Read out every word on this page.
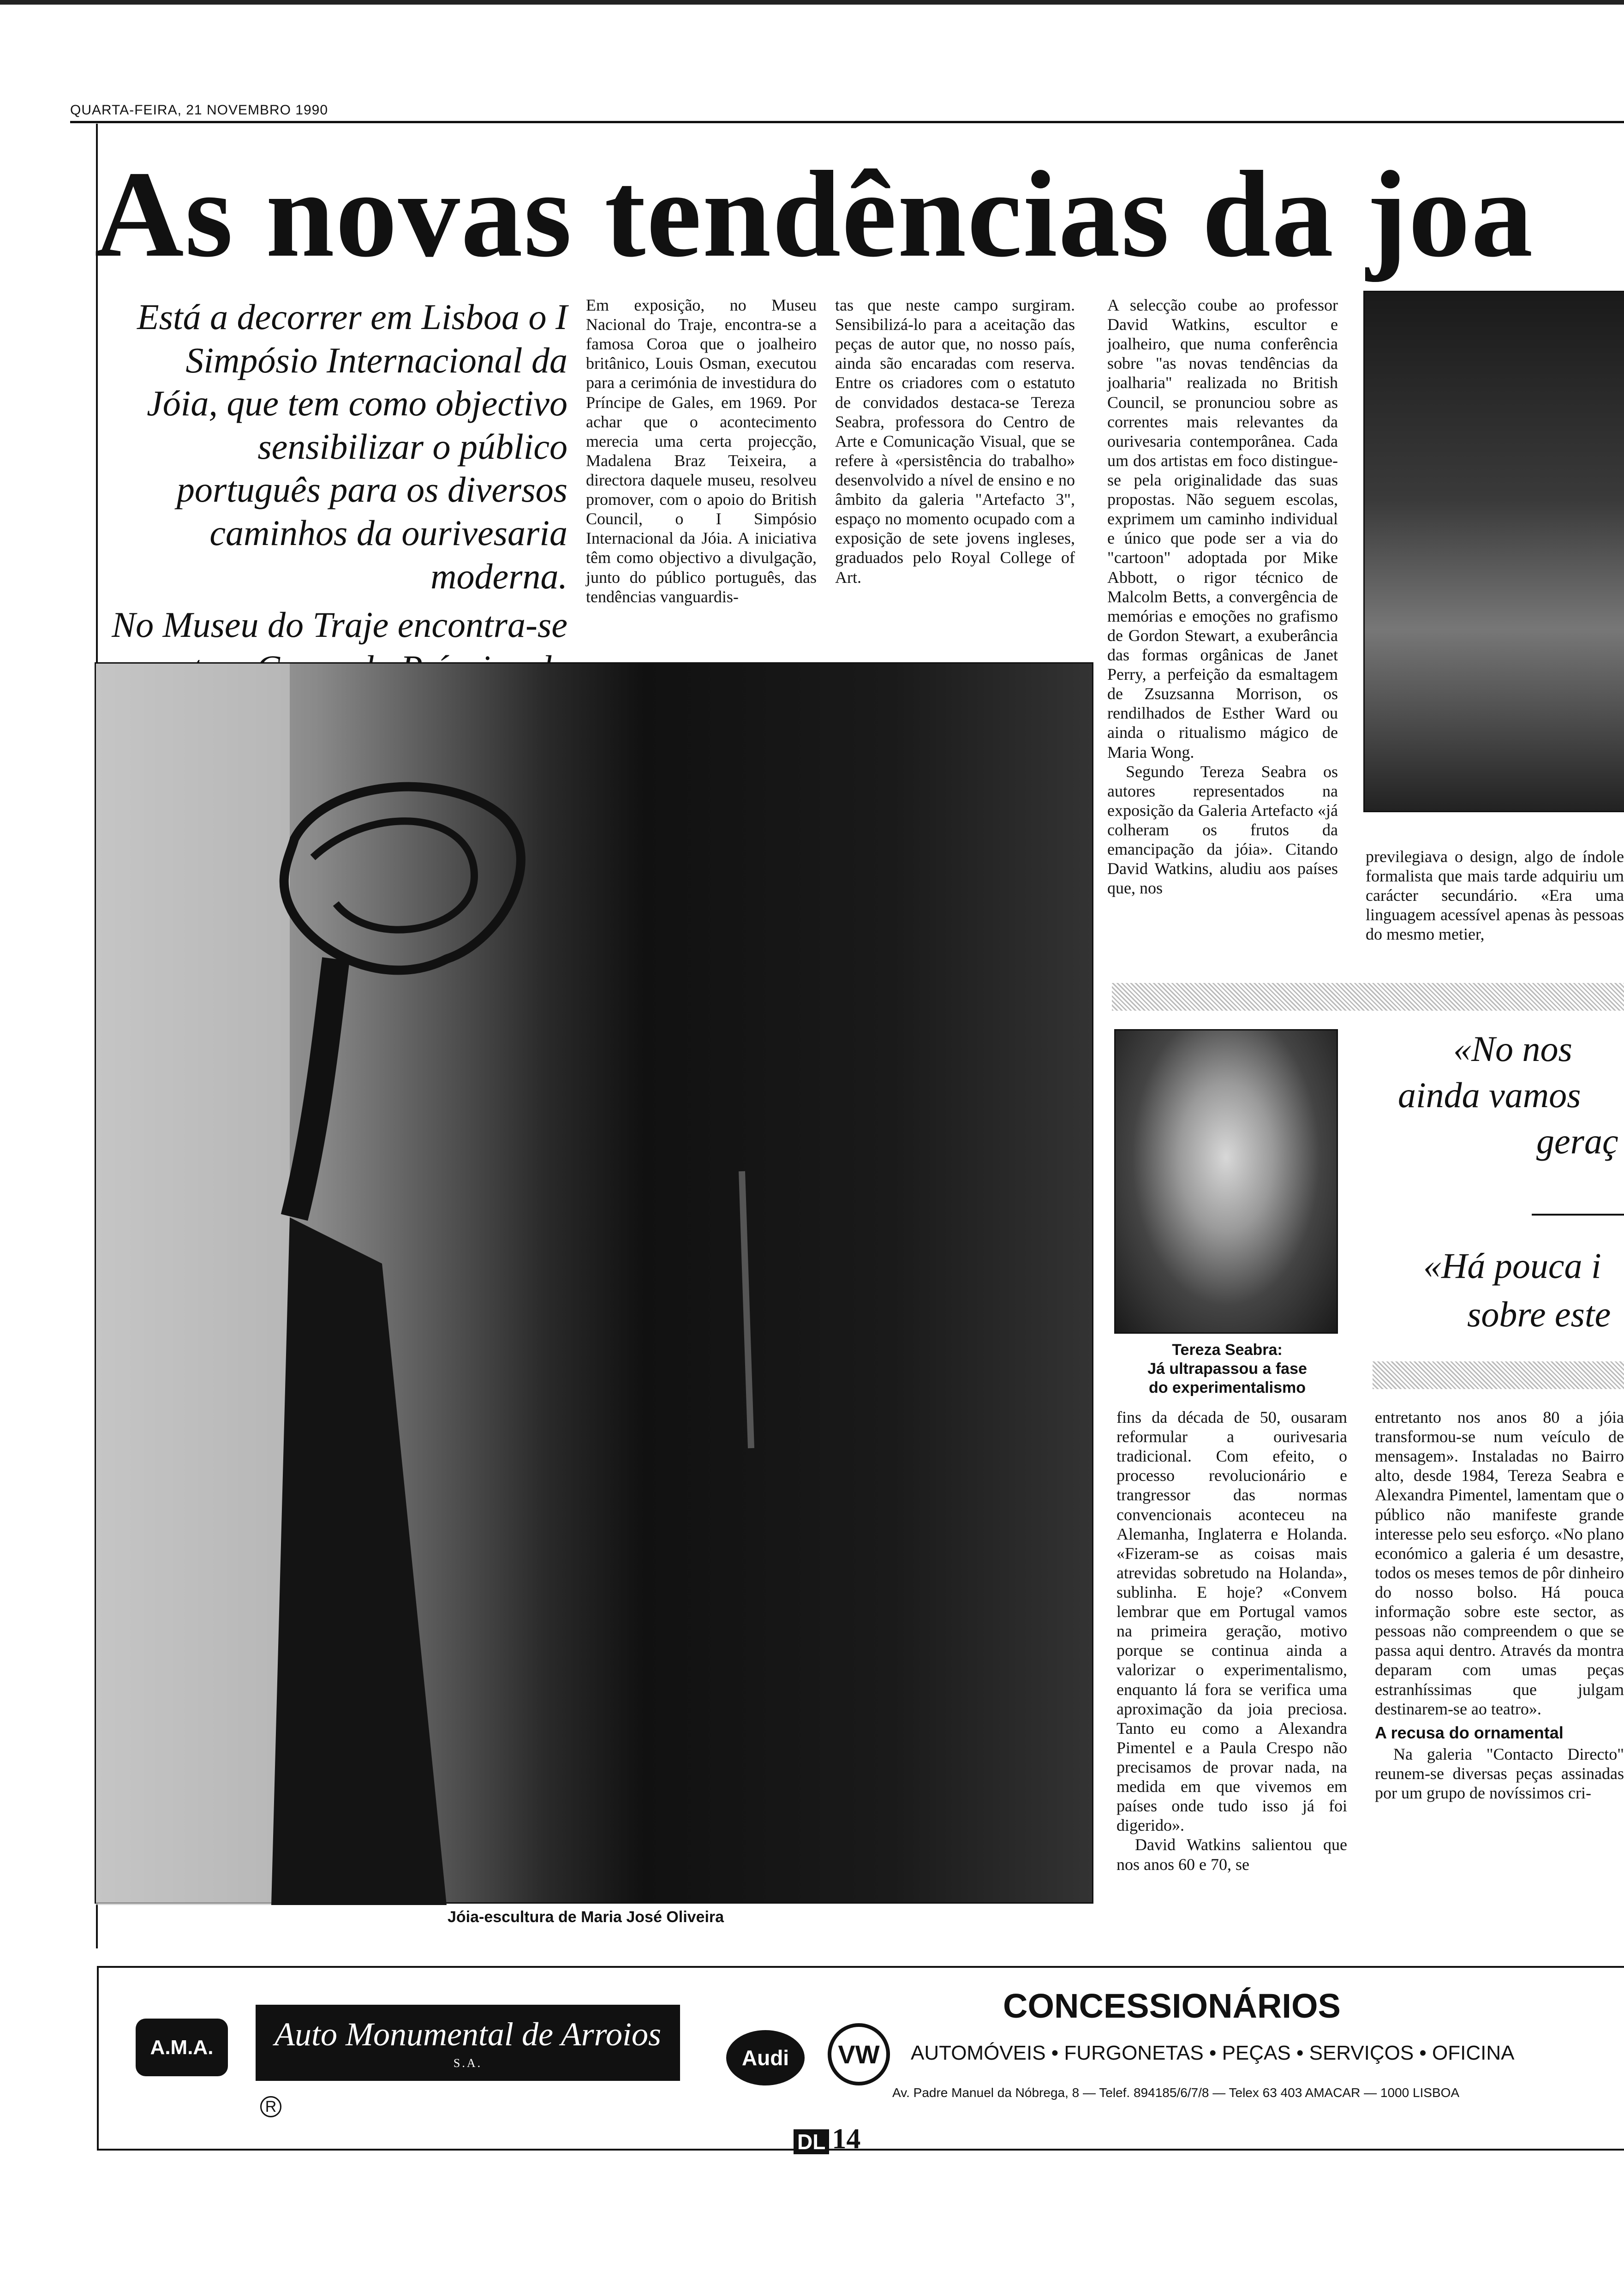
QUARTA-FEIRA, 21 NOVEMBRO 1990
As novas tendências da joa

Está a decorrer em Lisboa o I Simpósio Internacional da Jóia, que tem como objectivo sensibilizar o público português para os diversos caminhos da ourivesaria moderna.

No Museu do Traje encontra-se

Em exposição, no Museu Nacional do Traje, encontra-se a famosa Coroa que o joalheiro britânico, Louis Osman, executou para a cerimónia de investidura do Príncipe de Gales, em 1969. Por achar que o acontecimento merecia uma certa projecção, Madalena Braz Teixeira, a directora daquele museu, resolveu promover, com o apoio do British Council, o I Simpósio Internacional da Jóia. A iniciativa têm como objectivo a divulgação, junto do público português, das tendências vanguardis-

tas que neste campo surgiram. Sensibilizá-lo para a aceitação das peças de autor que, no nosso país, ainda são encaradas com reserva. Entre os criadores com o estatuto de convidados destaca-se Tereza Seabra, professora do Centro de Arte e Comunicação Visual, que se refere à «persistência do trabalho» desenvolvido a nível de ensino e no âmbito da galeria "Artefacto 3", espaço no momento ocupado com a exposição de sete jovens ingleses, graduados pelo Royal College of Art.

A selecção coube ao professor David Watkins, escultor e joalheiro, que numa conferência sobre "as novas tendências da joalharia" realizada no British Council, se pronunciou sobre as correntes mais relevantes da ourivesaria contemporânea. Cada um dos artistas em foco distingue-se pela originalidade das suas propostas. Não seguem escolas, exprimem um caminho individual e único que pode ser a via do "cartoon" adoptada por Mike Abbott, o rigor técnico de Malcolm Betts, a convergência de memórias e emoções no grafismo de Gordon Stewart, a exuberância das formas orgânicas de Janet Perry, a perfeição da esmaltagem de Zsuzsanna Morrison, os rendilhados de Esther Ward ou ainda o ritualismo mágico de Maria Wong.

Segundo Tereza Seabra os autores representados na exposição da Galeria Artefacto «já colheram os frutos da emancipação da jóia». Citando David Watkins, aludiu aos países que, nos

previlegiava o design, algo de índole formalista que mais tarde adquiriu um carácter secundário. «Era uma linguagem acessível apenas às pessoas do mesmo metier,

Jóia-escultura de Maria José Oliveira
Tereza Seabra:
Já ultrapassou a fase
do experimentalismo
«No nos
ainda vamos
geraç
«Há pouca i
sobre este

fins da década de 50, ousaram reformular a ourivesaria tradicional. Com efeito, o processo revolucionário e trangressor das normas convencionais aconteceu na Alemanha, Inglaterra e Holanda. «Fizeram-se as coisas mais atrevidas sobretudo na Holanda», sublinha. E hoje? «Convem lembrar que em Portugal vamos na primeira geração, motivo porque se continua ainda a valorizar o experimentalismo, enquanto lá fora se verifica uma aproximação da joia preciosa. Tanto eu como a Alexandra Pimentel e a Paula Crespo não precisamos de provar nada, na medida em que vivemos em países onde tudo isso já foi digerido».

David Watkins salientou que nos anos 60 e 70, se

entretanto nos anos 80 a jóia transformou-se num veículo de mensagem». Instaladas no Bairro alto, desde 1984, Tereza Seabra e Alexandra Pimentel, lamentam que o público não manifeste grande interesse pelo seu esforço. «No plano económico a galeria é um desastre, todos os meses temos de pôr dinheiro do nosso bolso. Há pouca informação sobre este sector, as pessoas não compreendem o que se passa aqui dentro. Através da montra deparam com umas peças estranhíssimas que julgam destinarem-se ao teatro».

A recusa do ornamental

Na galeria "Contacto Directo" reunem-se diversas peças assinadas por um grupo de novíssimos cri-

A.M.A.	Auto Monumental de Arroios
S.A.
R
Audi	VW
CONCESSIONÁRIOS
AUTOMÓVEIS • FURGONETAS • PEÇAS • SERVIÇOS • OFICINA
Av. Padre Manuel da Nóbrega, 8 — Telef. 894185/6/7/8 — Telex 63 403 AMACAR — 1000 LISBOA
DL 14
